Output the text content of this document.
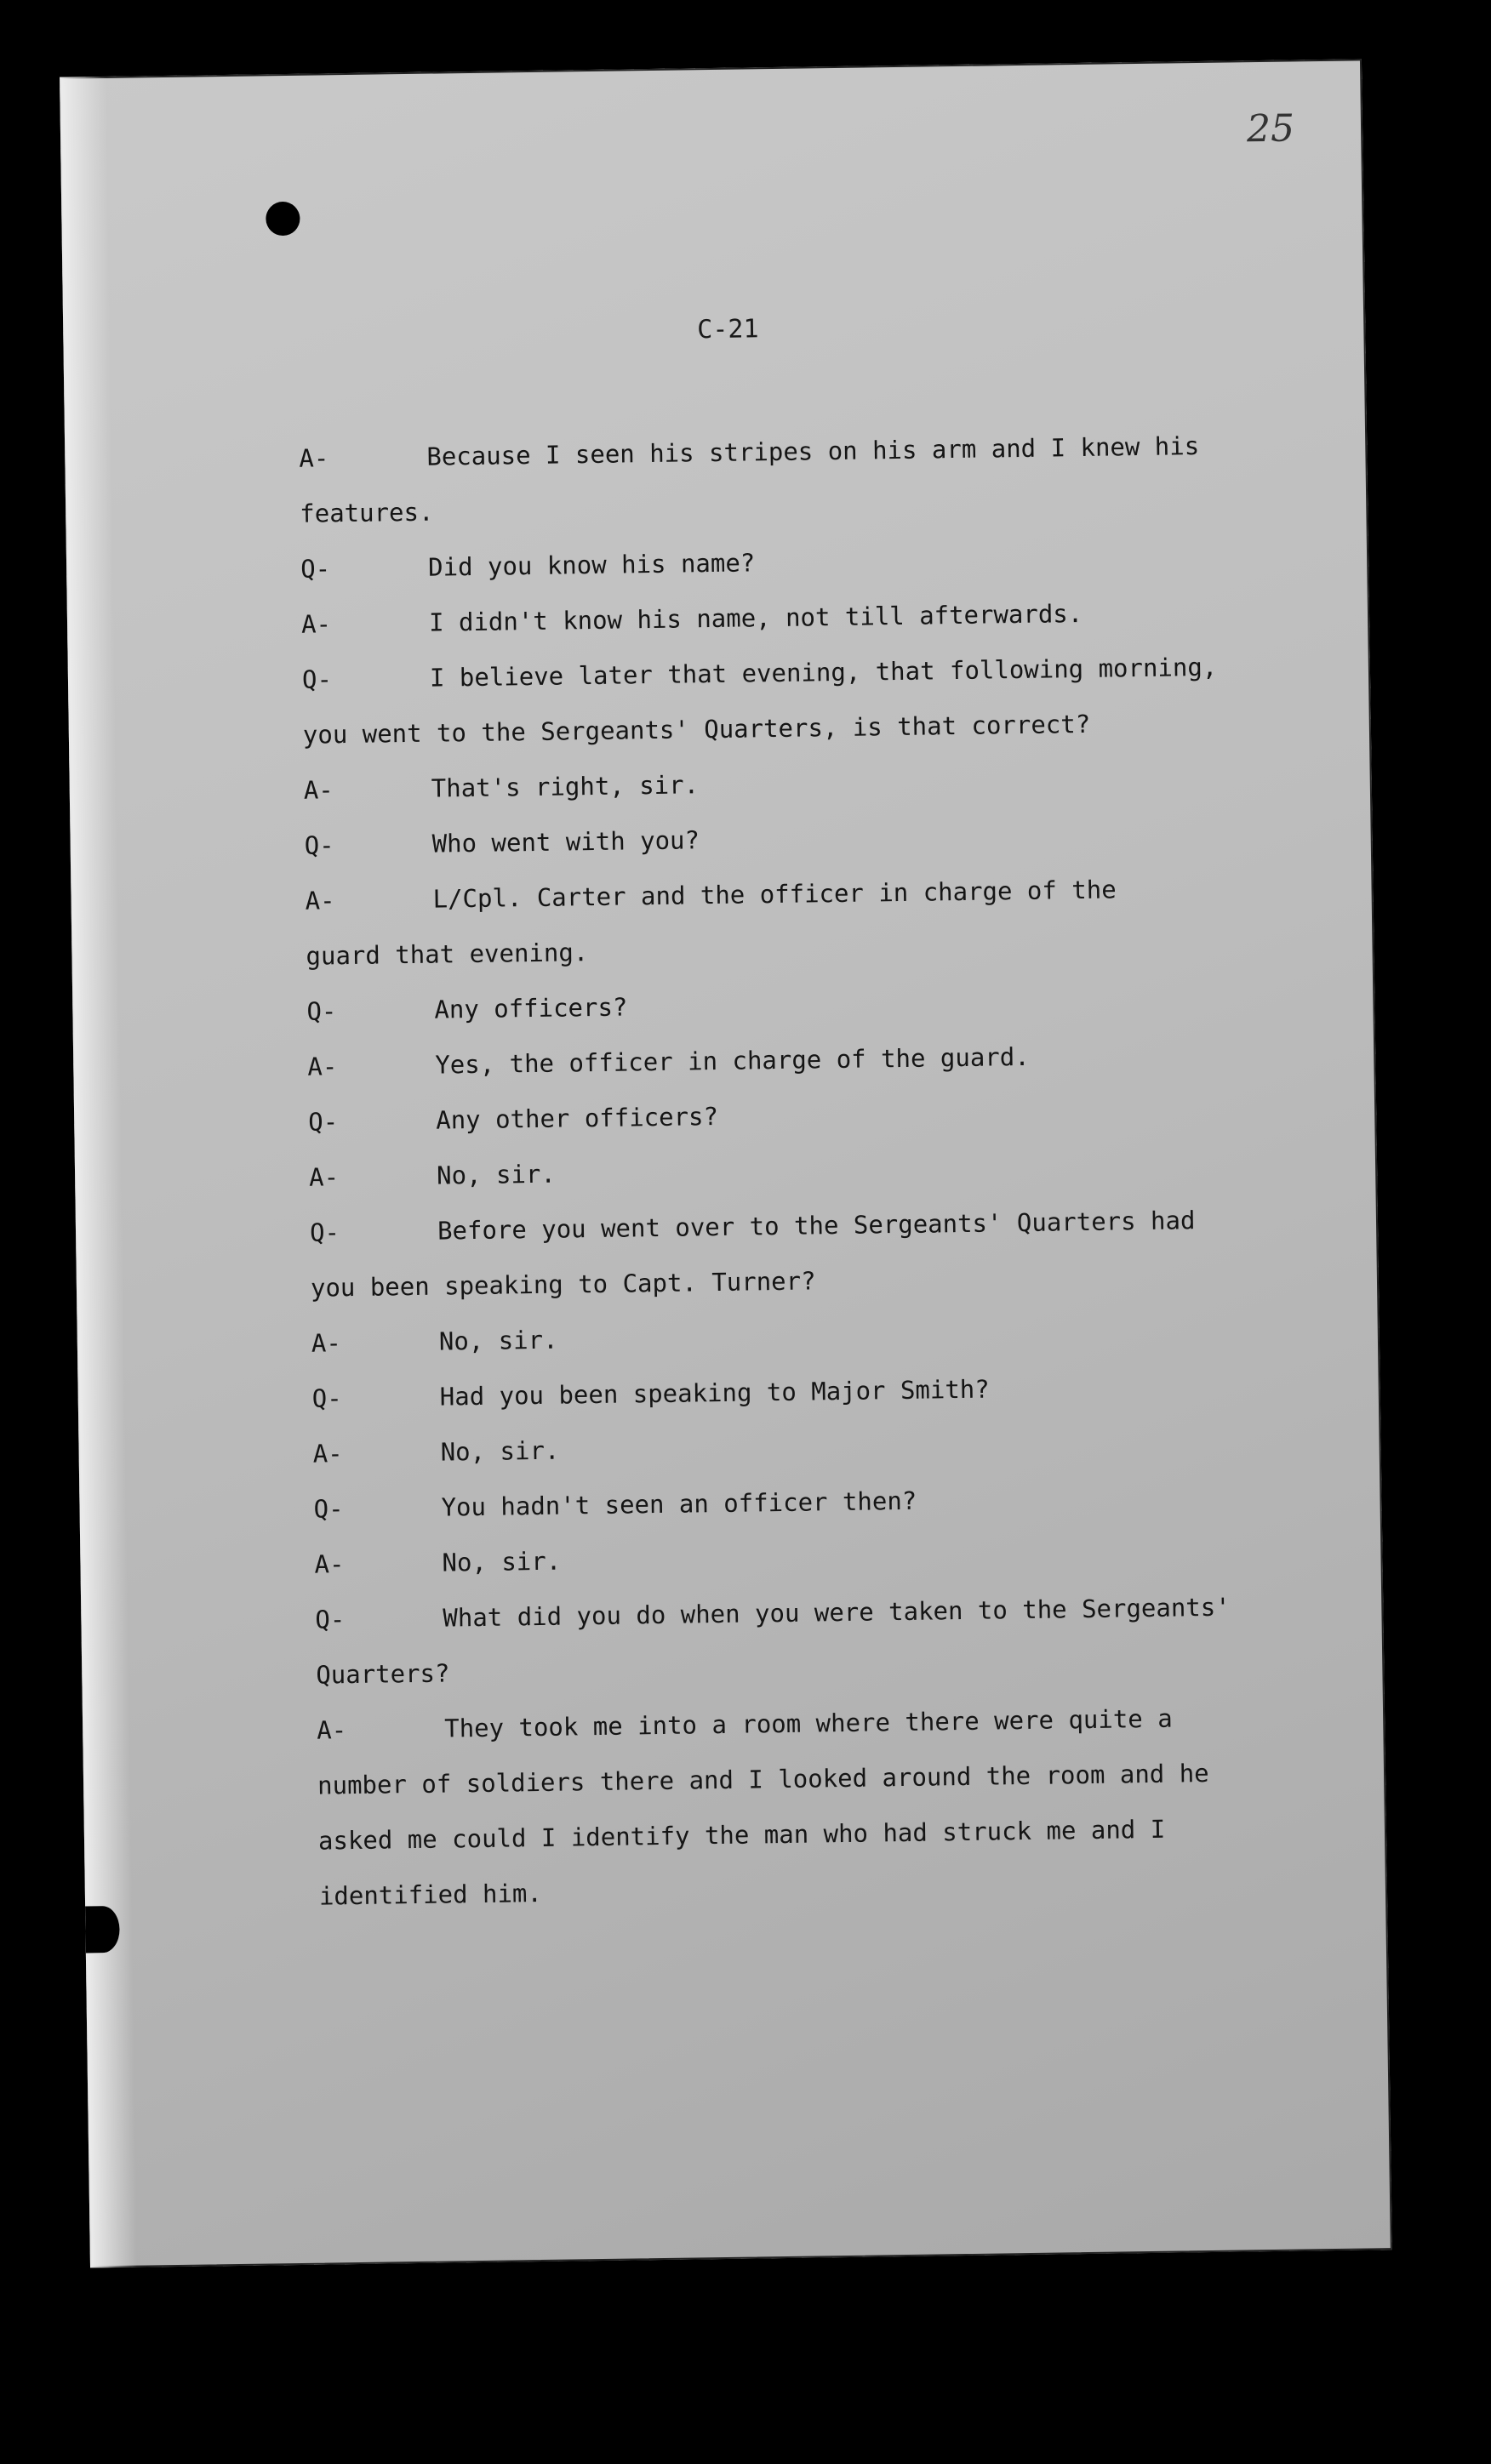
25
C-21
A-	Because I seen his stripes on his arm and I knew his
features.
Q-	Did you know his name?
A-	I didn't know his name, not till afterwards.
Q-	I believe later that evening, that following morning,
you went to the Sergeants' Quarters, is that correct?
A-	That's right, sir.
Q-	Who went with you?
A-	L/Cpl. Carter and the officer in charge of the
guard that evening.
Q-	Any officers?
A-	Yes, the officer in charge of the guard.
Q-	Any other officers?
A-	No, sir.
Q-	Before you went over to the Sergeants' Quarters had
you been speaking to Capt. Turner?
A-	No, sir.
Q-	Had you been speaking to Major Smith?
A-	No, sir.
Q-	You hadn't seen an officer then?
A-	No, sir.
Q-	What did you do when you were taken to the Sergeants'
Quarters?
A-	They took me into a room where there were quite a
number of soldiers there and I looked around the room and he
asked me could I identify the man who had struck me and I
identified him.
